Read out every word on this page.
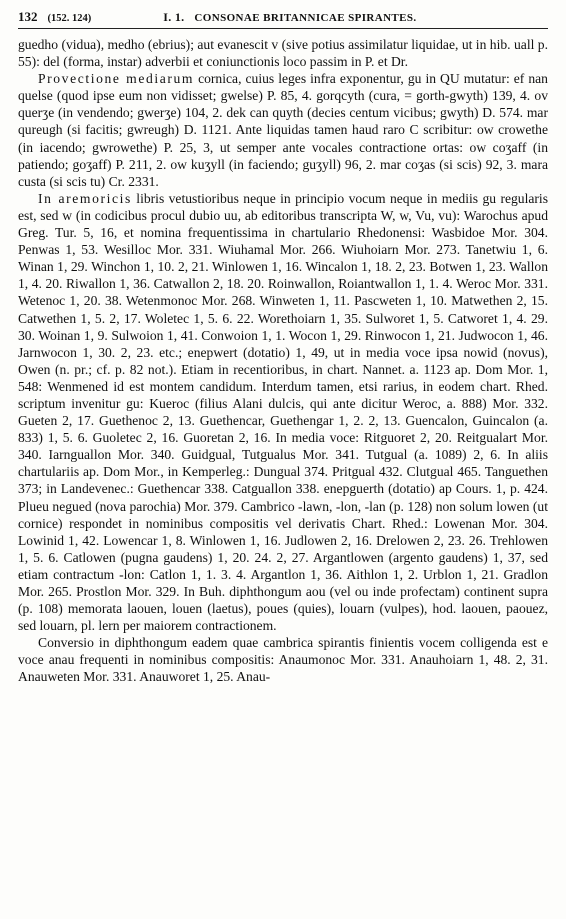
132 (152. 124)	I. 1. CONSONAE BRITANNICAE SPIRANTES.

guedho (vidua), medho (ebrius); aut evanescit v (sive potius assimilatur liquidae, ut in hib. uall p. 55): del (forma, instar) adverbii et coniunctionis loco passim in P. et Dr.

Provectione mediarum cornica, cuius leges infra exponentur, gu in QU mutatur: ef nan quelse (quod ipse eum non vidisset; gwelse) P. 85, 4. gorqcyth (cura, = gorth-gwyth) 139, 4. ov querʒe (in vendendo; gwerʒe) 104, 2. dek can quyth (decies centum vicibus; gwyth) D. 574. mar qureugh (si facitis; gwreugh) D. 1121. Ante liquidas tamen haud raro C scribitur: ow crowethe (in iacendo; gwrowethe) P. 25, 3, ut semper ante vocales contractione ortas: ow coʒaff (in patiendo; goʒaff) P. 211, 2. ow kuʒyll (in faciendo; guʒyll) 96, 2. mar coʒas (si scis) 92, 3. mara custa (si scis tu) Cr. 2331.

In aremoricis libris vetustioribus neque in principio vocum neque in mediis gu regularis est, sed w (in codicibus procul dubio uu, ab editoribus transcripta W, w, Vu, vu): Warochus apud Greg. Tur. 5, 16, et nomina frequentissima in chartulario Rhedonensi: Wasbidoe Mor. 304. Penwas 1, 53. Wesilloc Mor. 331. Wiuhamal Mor. 266. Wiuhoiarn Mor. 273. Tanetwiu 1, 6. Winan 1, 29. Winchon 1, 10. 2, 21. Winlowen 1, 16. Wincalon 1, 18. 2, 23. Botwen 1, 23. Wallon 1, 4. 20. Riwallon 1, 36. Catwallon 2, 18. 20. Roinwallon, Roiantwallon 1, 1. 4. Weroc Mor. 331. Wetenoc 1, 20. 38. Wetenmonoc Mor. 268. Winweten 1, 11. Pascweten 1, 10. Matwethen 2, 15. Catwethen 1, 5. 2, 17. Woletec 1, 5. 6. 22. Worethoiarn 1, 35. Sulworet 1, 5. Catworet 1, 4. 29. 30. Woinan 1, 9. Sulwoion 1, 41. Conwoion 1, 1. Wocon 1, 29. Rinwocon 1, 21. Judwocon 1, 46. Jarnwocon 1, 30. 2, 23. etc.; enepwert (dotatio) 1, 49, ut in media voce ipsa nowid (novus), Owen (n. pr.; cf. p. 82 not.). Etiam in recentioribus, in chart. Nannet. a. 1123 ap. Dom Mor. 1, 548: Wenmened id est montem candidum. Interdum tamen, etsi rarius, in eodem chart. Rhed. scriptum invenitur gu: Kueroc (filius Alani dulcis, qui ante dicitur Weroc, a. 888) Mor. 332. Gueten 2, 17. Guethenoc 2, 13. Guethencar, Guethengar 1, 2. 2, 13. Guencalon, Guincalon (a. 833) 1, 5. 6. Guoletec 2, 16. Guoretan 2, 16. In media voce: Ritguoret 2, 20. Reitgualart Mor. 340. Iarnguallon Mor. 340. Guidgual, Tutgualus Mor. 341. Tutgual (a. 1089) 2, 6. In aliis chartulariis ap. Dom Mor., in Kemperleg.: Dungual 374. Pritgual 432. Clutgual 465. Tanguethen 373; in Landevenec.: Guethencar 338. Catguallon 338. enepguerth (dotatio) ap Cours. 1, p. 424. Plueu negued (nova parochia) Mor. 379. Cambrico -lawn, -lon, -lan (p. 128) non solum lowen (ut cornice) respondet in nominibus compositis vel derivatis Chart. Rhed.: Lowenan Mor. 304. Lowinid 1, 42. Lowencar 1, 8. Winlowen 1, 16. Judlowen 2, 16. Drelowen 2, 23. 26. Trehlowen 1, 5. 6. Catlowen (pugna gaudens) 1, 20. 24. 2, 27. Argantlowen (argento gaudens) 1, 37, sed etiam contractum -lon: Catlon 1, 1. 3. 4. Argantlon 1, 36. Aithlon 1, 2. Urblon 1, 21. Gradlon Mor. 265. Prostlon Mor. 329. In Buh. diphthongum aou (vel ou inde profectam) continent supra (p. 108) memorata laouen, louen (laetus), poues (quies), louarn (vulpes), hod. laouen, paouez, sed louarn, pl. lern per maiorem contractionem.

Conversio in diphthongum eadem quae cambrica spirantis finientis vocem colligenda est e voce anau frequenti in nominibus compositis: Anaumonoc Mor. 331. Anauhoiarn 1, 48. 2, 31. Anauweten Mor. 331. Anauworet 1, 25. Anau-
